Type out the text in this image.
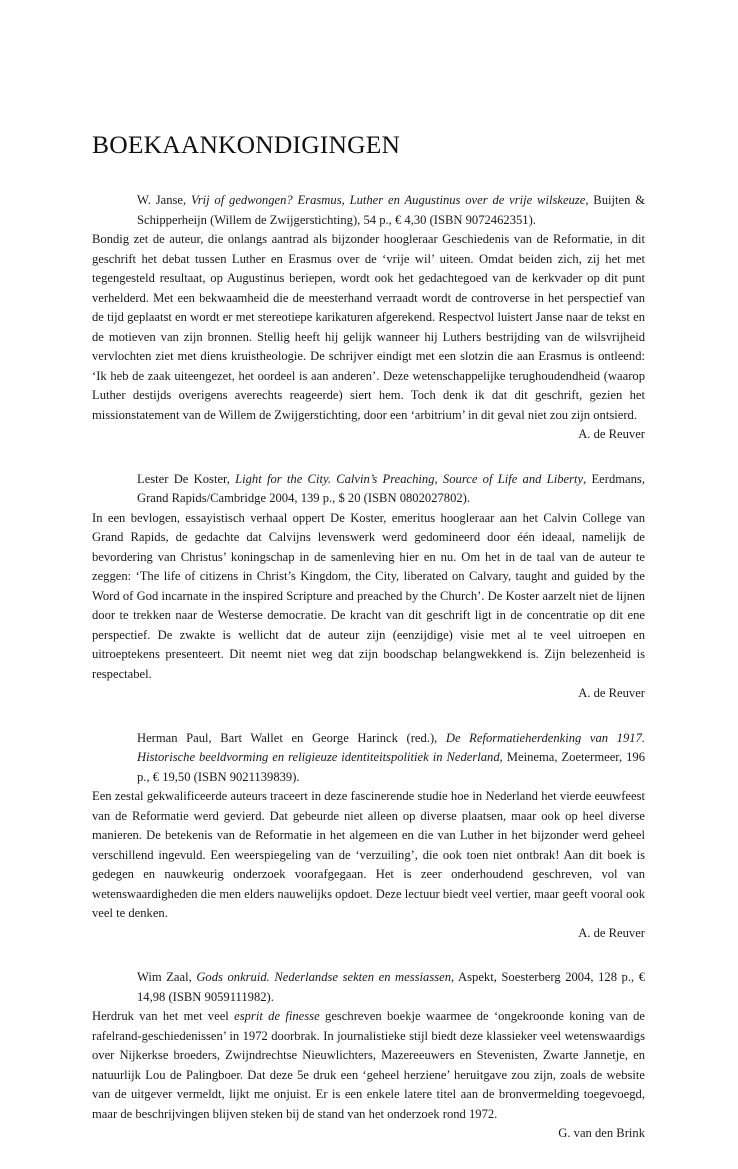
BOEKAANKONDIGINGEN

W. Janse, Vrij of gedwongen? Erasmus, Luther en Augustinus over de vrije wilskeuze, Buijten & Schipperheijn (Willem de Zwijgerstichting), 54 p., € 4,30 (ISBN 9072462351).

Bondig zet de auteur, die onlangs aantrad als bijzonder hoogleraar Geschiedenis van de Reformatie, in dit geschrift het debat tussen Luther en Erasmus over de ‘vrije wil’ uiteen. Omdat beiden zich, zij het met tegengesteld resultaat, op Augustinus beriepen, wordt ook het gedachtegoed van de kerkvader op dit punt verhelderd. Met een bekwaamheid die de meesterhand verraadt wordt de controverse in het perspectief van de tijd geplaatst en wordt er met stereotiepe karikaturen afgerekend. Respectvol luistert Janse naar de tekst en de motieven van zijn bronnen. Stellig heeft hij gelijk wanneer hij Luthers bestrijding van de wilsvrijheid vervlochten ziet met diens kruistheologie. De schrijver eindigt met een slotzin die aan Erasmus is ontleend: ‘Ik heb de zaak uiteengezet, het oordeel is aan anderen’. Deze wetenschappelijke terughoudendheid (waarop Luther destijds overigens averechts reageerde) siert hem. Toch denk ik dat dit geschrift, gezien het missionstatement van de Willem de Zwijgerstichting, door een ‘arbitrium’ in dit geval niet zou zijn ontsierd.

A. de Reuver

Lester De Koster, Light for the City. Calvin’s Preaching, Source of Life and Liberty, Eerdmans, Grand Rapids/Cambridge 2004, 139 p., $ 20 (ISBN 0802027802).

In een bevlogen, essayistisch verhaal oppert De Koster, emeritus hoogleraar aan het Calvin College van Grand Rapids, de gedachte dat Calvijns levenswerk werd gedomineerd door één ideaal, namelijk de bevordering van Christus’ koningschap in de samenleving hier en nu. Om het in de taal van de auteur te zeggen: ‘The life of citizens in Christ’s Kingdom, the City, liberated on Calvary, taught and guided by the Word of God incarnate in the inspired Scripture and preached by the Church’. De Koster aarzelt niet de lijnen door te trekken naar de Westerse democratie. De kracht van dit geschrift ligt in de concentratie op dit ene perspectief. De zwakte is wellicht dat de auteur zijn (eenzijdige) visie met al te veel uitroepen en uitroeptekens presenteert. Dit neemt niet weg dat zijn boodschap belangwekkend is. Zijn belezenheid is respectabel.

A. de Reuver

Herman Paul, Bart Wallet en George Harinck (red.), De Reformatieherdenking van 1917. Historische beeldvorming en religieuze identiteitspolitiek in Nederland, Meinema, Zoetermeer, 196 p., € 19,50 (ISBN 9021139839).

Een zestal gekwalificeerde auteurs traceert in deze fascinerende studie hoe in Nederland het vierde eeuwfeest van de Reformatie werd gevierd. Dat gebeurde niet alleen op diverse plaatsen, maar ook op heel diverse manieren. De betekenis van de Reformatie in het algemeen en die van Luther in het bijzonder werd geheel verschillend ingevuld. Een weerspiegeling van de ‘verzuiling’, die ook toen niet ontbrak! Aan dit boek is gedegen en nauwkeurig onderzoek voorafgegaan. Het is zeer onderhoudend geschreven, vol van wetenswaardigheden die men elders nauwelijks opdoet. Deze lectuur biedt veel vertier, maar geeft vooral ook veel te denken.

A. de Reuver

Wim Zaal, Gods onkruid. Nederlandse sekten en messiassen, Aspekt, Soesterberg 2004, 128 p., € 14,98 (ISBN 9059111982).

Herdruk van het met veel esprit de finesse geschreven boekje waarmee de ‘ongekroonde koning van de rafelrand-geschiedenissen’ in 1972 doorbrak. In journalistieke stijl biedt deze klassieker veel wetenswaardigs over Nijkerkse broeders, Zwijndrechtse Nieuwlichters, Mazereeuwers en Stevenisten, Zwarte Jannetje, en natuurlijk Lou de Palingboer. Dat deze 5e druk een ‘geheel herziene’ heruitgave zou zijn, zoals de website van de uitgever vermeldt, lijkt me onjuist. Er is een enkele latere titel aan de bronvermelding toegevoegd, maar de beschrijvingen blijven steken bij de stand van het onderzoek rond 1972.

G. van den Brink
